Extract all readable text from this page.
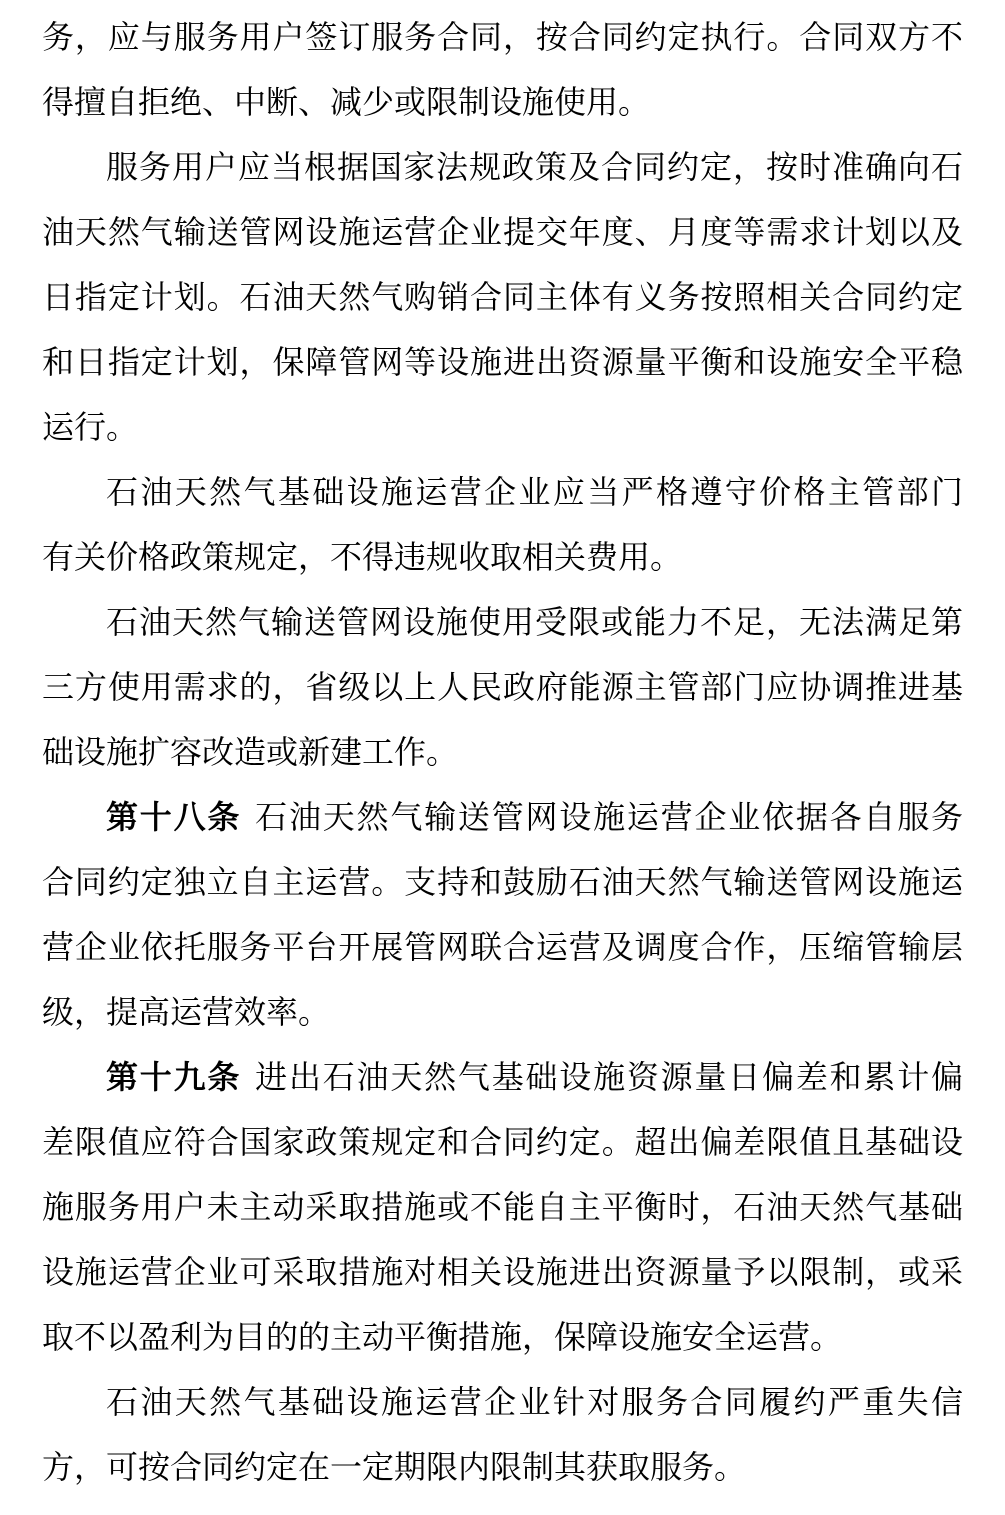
务，应与服务用户签订服务合同，按合同约定执行。合同双方不
得擅自拒绝、中断、减少或限制设施使用。
服务用户应当根据国家法规政策及合同约定，按时准确向石
油天然气输送管网设施运营企业提交年度、月度等需求计划以及
日指定计划。石油天然气购销合同主体有义务按照相关合同约定
和日指定计划，保障管网等设施进出资源量平衡和设施安全平稳
运行。
石油天然气基础设施运营企业应当严格遵守价格主管部门
有关价格政策规定，不得违规收取相关费用。
石油天然气输送管网设施使用受限或能力不足，无法满足第
三方使用需求的，省级以上人民政府能源主管部门应协调推进基
础设施扩容改造或新建工作。
第十八条 石油天然气输送管网设施运营企业依据各自服务
合同约定独立自主运营。支持和鼓励石油天然气输送管网设施运
营企业依托服务平台开展管网联合运营及调度合作，压缩管输层
级，提高运营效率。
第十九条 进出石油天然气基础设施资源量日偏差和累计偏
差限值应符合国家政策规定和合同约定。超出偏差限值且基础设
施服务用户未主动采取措施或不能自主平衡时，石油天然气基础
设施运营企业可采取措施对相关设施进出资源量予以限制，或采
取不以盈利为目的的主动平衡措施，保障设施安全运营。
石油天然气基础设施运营企业针对服务合同履约严重失信
方，可按合同约定在一定期限内限制其获取服务。
